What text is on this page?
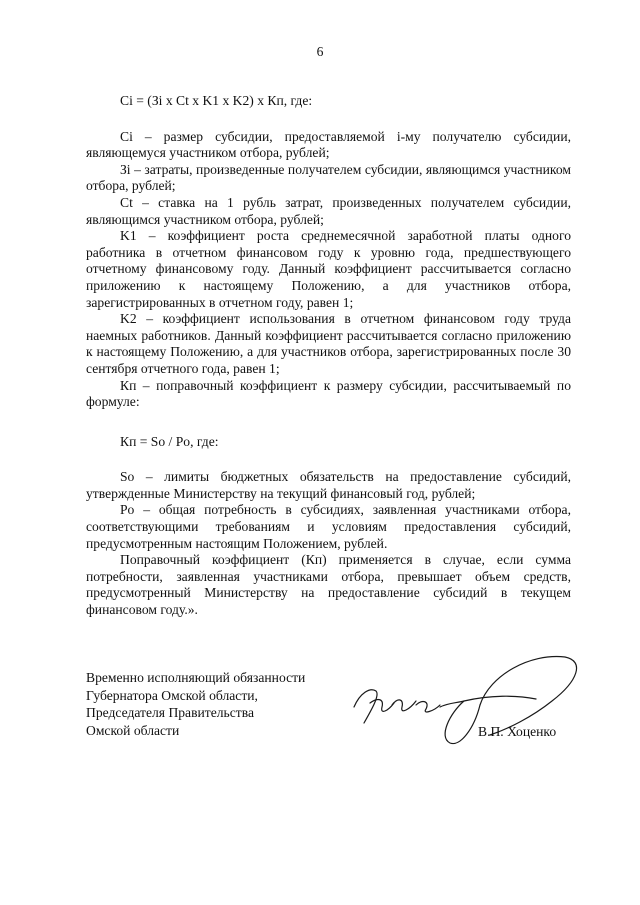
6

Ci = (Зi x Ct x K1 x K2) x Кп, где:

Ci – размер субсидии, предоставляемой i-му получателю субсидии, являющемуся участником отбора, рублей;

Зi – затраты, произведенные получателем субсидии, являющимся участником отбора, рублей;

Ct – ставка на 1 рубль затрат, произведенных получателем субсидии, являющимся участником отбора, рублей;

K1 – коэффициент роста среднемесячной заработной платы одного работника в отчетном финансовом году к уровню года, предшествующего отчетному финансовому году. Данный коэффициент рассчитывается согласно приложению к настоящему Положению, а для участников отбора, зарегистрированных в отчетном году, равен 1;

K2 – коэффициент использования в отчетном финансовом году труда наемных работников. Данный коэффициент рассчитывается согласно приложению к настоящему Положению, а для участников отбора, зарегистрированных после 30 сентября отчетного года, равен 1;

Кп – поправочный коэффициент к размеру субсидии, рассчитываемый по формуле:

Кп = So / Po, где:

So – лимиты бюджетных обязательств на предоставление субсидий, утвержденные Министерству на текущий финансовый год, рублей;

Po – общая потребность в субсидиях, заявленная участниками отбора, соответствующими требованиям и условиям предоставления субсидий, предусмотренным настоящим Положением, рублей.

Поправочный коэффициент (Кп) применяется в случае, если сумма потребности, заявленная участниками отбора, превышает объем средств, предусмотренный Министерству на предоставление субсидий в текущем финансовом году.».

Временно исполняющий обязанности
Губернатора Омской области,
Председателя Правительства
Омской области	В.П. Хоценко
